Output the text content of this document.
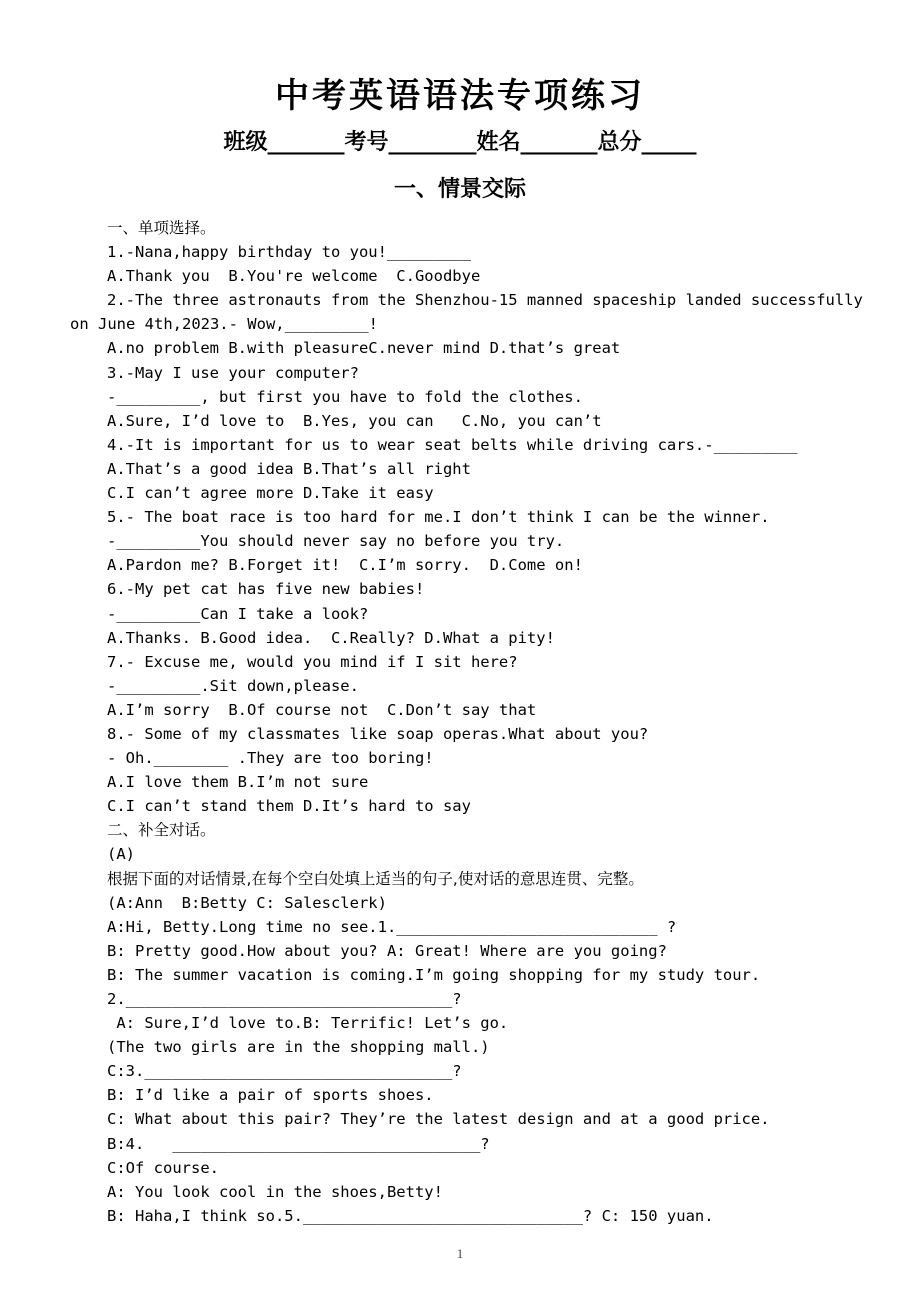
中考英语语法专项练习
班级_______考号________姓名_______总分_____
一、情景交际
一、单项选择。
1.-Nana,happy birthday to you!_________
A.Thank you  B.You're welcome  C.Goodbye
2.-The three astronauts from the Shenzhou-15 manned spaceship landed successfully
on June 4th,2023.- Wow,_________!
A.no problem B.with pleasureC.never mind D.that’s great
3.-May I use your computer?
-_________, but first you have to fold the clothes.
A.Sure, I’d love to  B.Yes, you can   C.No, you can’t
4.-It is important for us to wear seat belts while driving cars.-_________
A.That’s a good idea B.That’s all right
C.I can’t agree more D.Take it easy
5.- The boat race is too hard for me.I don’t think I can be the winner.
-_________You should never say no before you try.
A.Pardon me? B.Forget it!  C.I’m sorry.  D.Come on!
6.-My pet cat has five new babies!
-_________Can I take a look?
A.Thanks. B.Good idea.  C.Really? D.What a pity!
7.- Excuse me, would you mind if I sit here?
-_________.Sit down,please.
A.I’m sorry  B.Of course not  C.Don’t say that
8.- Some of my classmates like soap operas.What about you?
- Oh.________ .They are too boring!
A.I love them B.I’m not sure
C.I can’t stand them D.It’s hard to say
二、补全对话。
(A)
根据下面的对话情景,在每个空白处填上适当的句子,使对话的意思连贯、完整。
(A:Ann  B:Betty C: Salesclerk)
A:Hi, Betty.Long time no see.1.____________________________ ?
B: Pretty good.How about you? A: Great! Where are you going?
B: The summer vacation is coming.I’m going shopping for my study tour.
2.___________________________________?
A: Sure,I’d love to.B: Terrific! Let’s go.
(The two girls are in the shopping mall.)
C:3._________________________________?
B: I’d like a pair of sports shoes.
C: What about this pair? They’re the latest design and at a good price.
B:4.   _________________________________?
C:Of course.
A: You look cool in the shoes,Betty!
B: Haha,I think so.5.______________________________? C: 150 yuan.
1
